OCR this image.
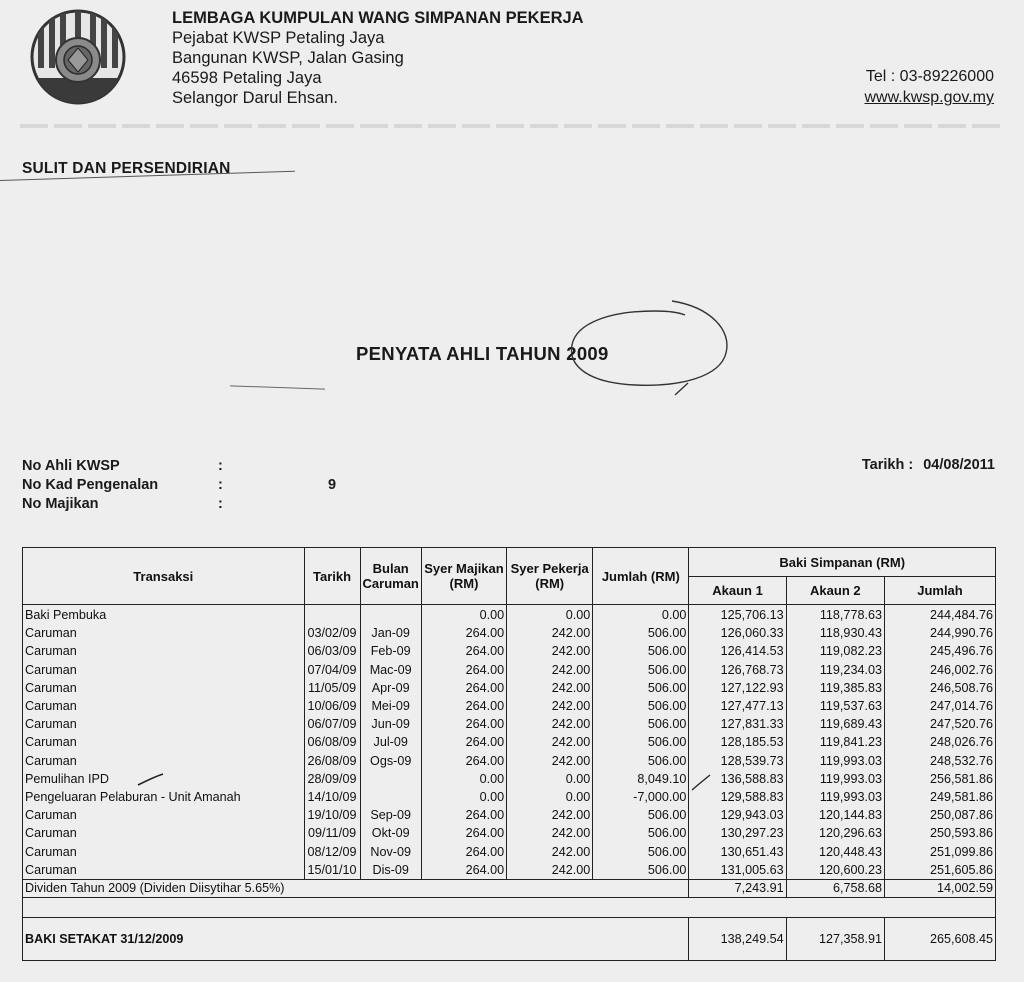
LEMBAGA KUMPULAN WANG SIMPANAN PEKERJA
Pejabat KWSP Petaling Jaya
Bangunan KWSP, Jalan Gasing
46598 Petaling Jaya
Selangor Darul Ehsan.
Tel : 03-89226000
www.kwsp.gov.my
SULIT DAN PERSENDIRIAN
PENYATA AHLI TAHUN 2009
No Ahli KWSP	:
No Kad Pengenalan	:	9
No Majikan	:
Tarikh : 04/08/2011
Transaksi	Tarikh	Bulan Caruman	Syer Majikan (RM)	Syer Pekerja (RM)	Jumlah (RM)	Baki Simpanan (RM)		
						Akaun 1	Akaun 2	Jumlah
Baki Pembuka			0.00	0.00	0.00	125,706.13	118,778.63	244,484.76
Caruman	03/02/09	Jan-09	264.00	242.00	506.00	126,060.33	118,930.43	244,990.76
Caruman	06/03/09	Feb-09	264.00	242.00	506.00	126,414.53	119,082.23	245,496.76
Caruman	07/04/09	Mac-09	264.00	242.00	506.00	126,768.73	119,234.03	246,002.76
Caruman	11/05/09	Apr-09	264.00	242.00	506.00	127,122.93	119,385.83	246,508.76
Caruman	10/06/09	Mei-09	264.00	242.00	506.00	127,477.13	119,537.63	247,014.76
Caruman	06/07/09	Jun-09	264.00	242.00	506.00	127,831.33	119,689.43	247,520.76
Caruman	06/08/09	Jul-09	264.00	242.00	506.00	128,185.53	119,841.23	248,026.76
Caruman	26/08/09	Ogs-09	264.00	242.00	506.00	128,539.73	119,993.03	248,532.76
Pemulihan IPD	28/09/09		0.00	0.00	8,049.10	136,588.83	119,993.03	256,581.86
Pengeluaran Pelaburan - Unit Amanah	14/10/09		0.00	0.00	-7,000.00	129,588.83	119,993.03	249,581.86
Caruman	19/10/09	Sep-09	264.00	242.00	506.00	129,943.03	120,144.83	250,087.86
Caruman	09/11/09	Okt-09	264.00	242.00	506.00	130,297.23	120,296.63	250,593.86
Caruman	08/12/09	Nov-09	264.00	242.00	506.00	130,651.43	120,448.43	251,099.86
Caruman	15/01/10	Dis-09	264.00	242.00	506.00	131,005.63	120,600.23	251,605.86
Dividen Tahun 2009 (Dividen Diisytihar 5.65%)						7,243.91	6,758.68	14,002.59

BAKI SETAKAT 31/12/2009						138,249.54	127,358.91	265,608.45
